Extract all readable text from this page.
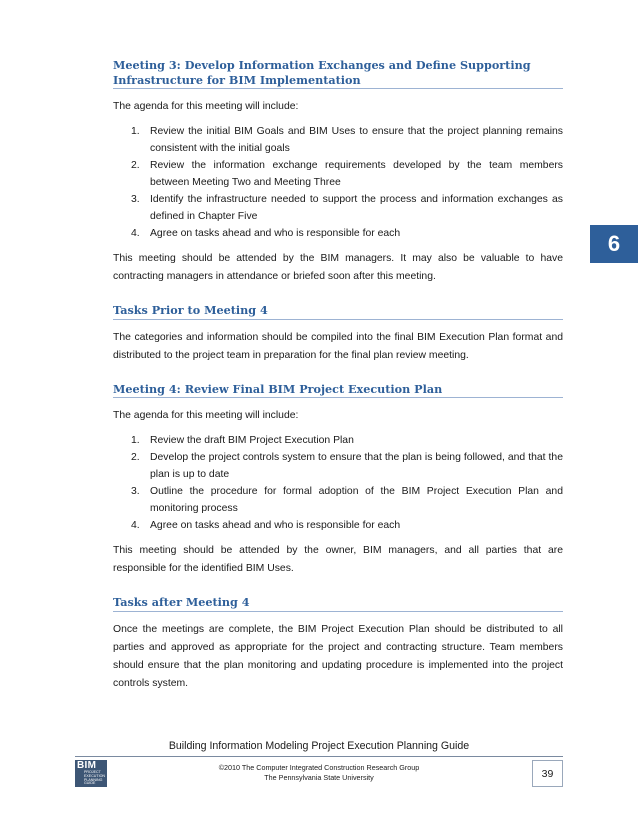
Meeting 3: Develop Information Exchanges and Define Supporting Infrastructure for BIM Implementation

The agenda for this meeting will include:

1. Review the initial BIM Goals and BIM Uses to ensure that the project planning remains consistent with the initial goals
2. Review the information exchange requirements developed by the team members between Meeting Two and Meeting Three
3. Identify the infrastructure needed to support the process and information exchanges as defined in Chapter Five
4. Agree on tasks ahead and who is responsible for each

This meeting should be attended by the BIM managers. It may also be valuable to have contracting managers in attendance or briefed soon after this meeting.

Tasks Prior to Meeting 4

The categories and information should be compiled into the final BIM Execution Plan format and distributed to the project team in preparation for the final plan review meeting.

Meeting 4: Review Final BIM Project Execution Plan

The agenda for this meeting will include:

1. Review the draft BIM Project Execution Plan
2. Develop the project controls system to ensure that the plan is being followed, and that the plan is up to date
3. Outline the procedure for formal adoption of the BIM Project Execution Plan and monitoring process
4. Agree on tasks ahead and who is responsible for each

This meeting should be attended by the owner, BIM managers, and all parties that are responsible for the identified BIM Uses.

Tasks after Meeting 4

Once the meetings are complete, the BIM Project Execution Plan should be distributed to all parties and approved as appropriate for the project and contracting structure. Team members should ensure that the plan monitoring and updating procedure is implemented into the project controls system.

6
Building Information Modeling Project Execution Planning Guide
BIM
PROJECT
EXECUTION
PLANNING
GUIDE
©2010 The Computer Integrated Construction Research Group
The Pennsylvania State University	39
